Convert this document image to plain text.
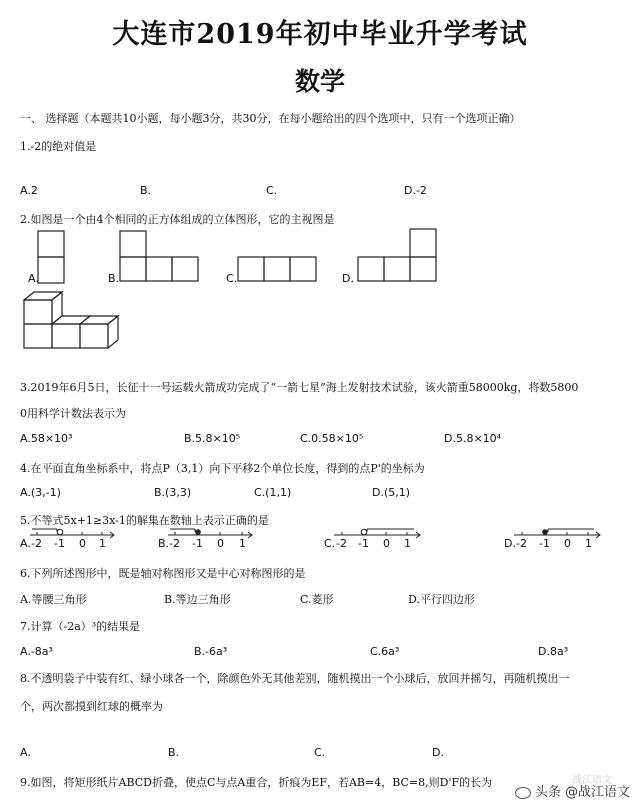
大连市2019年初中毕业升学考试
数学
一、 选择题（本题共10小题，每小题3分，共30分，在每小题给出的四个选项中，只有一个选项正确）
1.-2的绝对值是
A.2	B.	C.	D.-2
2.如图是一个由4个相同的正方体组成的立体图形，它的主视图是
A.	B.	C.	D.
3.2019年6月5日，长征十一号运载火箭成功完成了“一箭七星”海上发射技术试验，该火箭重58000kg，将数5800
0用科学计数法表示为
A.58×10³	B.5.8×10⁵	C.0.58×10⁵	D.5.8×10⁴
4.在平面直角坐标系中，将点P（3,1）向下平移2个单位长度，得到的点P'的坐标为
A.(3,-1)	B.(3,3)	C.(1,1)	D.(5,1)
5.不等式5x+1≥3x-1的解集在数轴上表示正确的是
A. -2 -1 0 1	B. -2 -1 0 1	C. -2 -1 0 1	D. -2 -1 0 1
6.下列所述图形中，既是轴对称图形又是中心对称图形的是
A.等腰三角形	B.等边三角形	C.菱形	D.平行四边形
7.计算（-2a）³的结果是
A.-8a³	B.-6a³	C.6a³	D.8a³
8.不透明袋子中装有红、绿小球各一个，除颜色外无其他差别，随机摸出一个小球后，放回并摇匀，再随机摸出一
个，两次都摸到红球的概率为
A.	B.	C.	D.
9.如图，将矩形纸片ABCD折叠，使点C与点A重合，折痕为EF，若AB=4，BC=8,则D'F的长为
头条 @战江语文
战江语文
